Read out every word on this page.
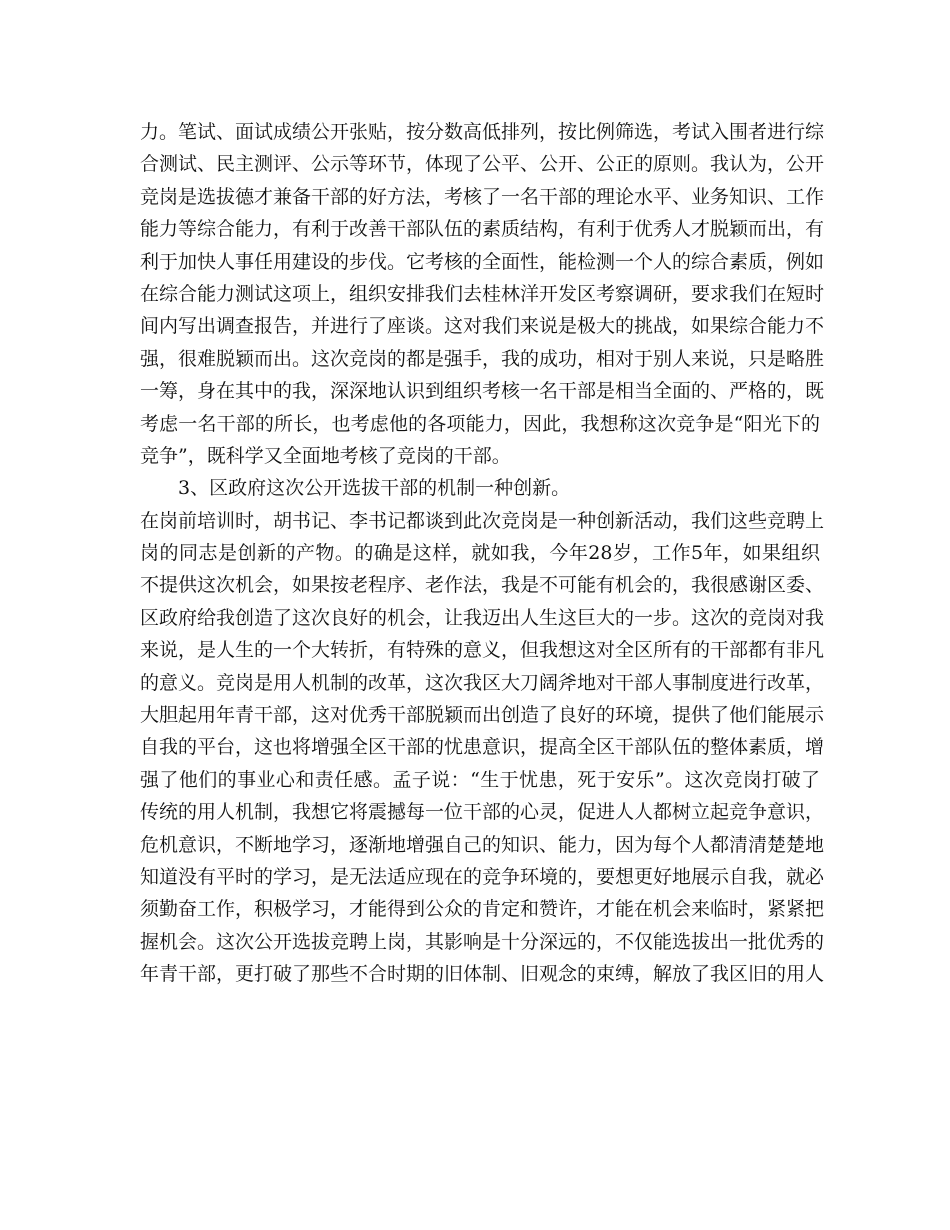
力。笔试、面试成绩公开张贴，按分数高低排列，按比例筛选，考试入围者进行综
合测试、民主测评、公示等环节，体现了公平、公开、公正的原则。我认为，公开
竞岗是选拔德才兼备干部的好方法，考核了一名干部的理论水平、业务知识、工作
能力等综合能力，有利于改善干部队伍的素质结构，有利于优秀人才脱颖而出，有
利于加快人事任用建设的步伐。它考核的全面性，能检测一个人的综合素质，例如
在综合能力测试这项上，组织安排我们去桂林洋开发区考察调研，要求我们在短时
间内写出调查报告，并进行了座谈。这对我们来说是极大的挑战，如果综合能力不
强，很难脱颖而出。这次竞岗的都是强手，我的成功，相对于别人来说，只是略胜
一筹，身在其中的我，深深地认识到组织考核一名干部是相当全面的、严格的，既
考虑一名干部的所长，也考虑他的各项能力，因此，我想称这次竞争是“阳光下的
竞争”，既科学又全面地考核了竞岗的干部。
3、区政府这次公开选拔干部的机制一种创新。
在岗前培训时，胡书记、李书记都谈到此次竞岗是一种创新活动，我们这些竞聘上
岗的同志是创新的产物。的确是这样，就如我，今年28岁，工作5年，如果组织
不提供这次机会，如果按老程序、老作法，我是不可能有机会的，我很感谢区委、
区政府给我创造了这次良好的机会，让我迈出人生这巨大的一步。这次的竞岗对我
来说，是人生的一个大转折，有特殊的意义，但我想这对全区所有的干部都有非凡
的意义。竞岗是用人机制的改革，这次我区大刀阔斧地对干部人事制度进行改革，
大胆起用年青干部，这对优秀干部脱颖而出创造了良好的环境，提供了他们能展示
自我的平台，这也将增强全区干部的忧患意识，提高全区干部队伍的整体素质，增
强了他们的事业心和责任感。孟子说：“生于忧患，死于安乐”。这次竞岗打破了
传统的用人机制，我想它将震撼每一位干部的心灵，促进人人都树立起竞争意识，
危机意识，不断地学习，逐渐地增强自己的知识、能力，因为每个人都清清楚楚地
知道没有平时的学习，是无法适应现在的竞争环境的，要想更好地展示自我，就必
须勤奋工作，积极学习，才能得到公众的肯定和赞许，才能在机会来临时，紧紧把
握机会。这次公开选拔竞聘上岗，其影响是十分深远的，不仅能选拔出一批优秀的
年青干部，更打破了那些不合时期的旧体制、旧观念的束缚，解放了我区旧的用人
